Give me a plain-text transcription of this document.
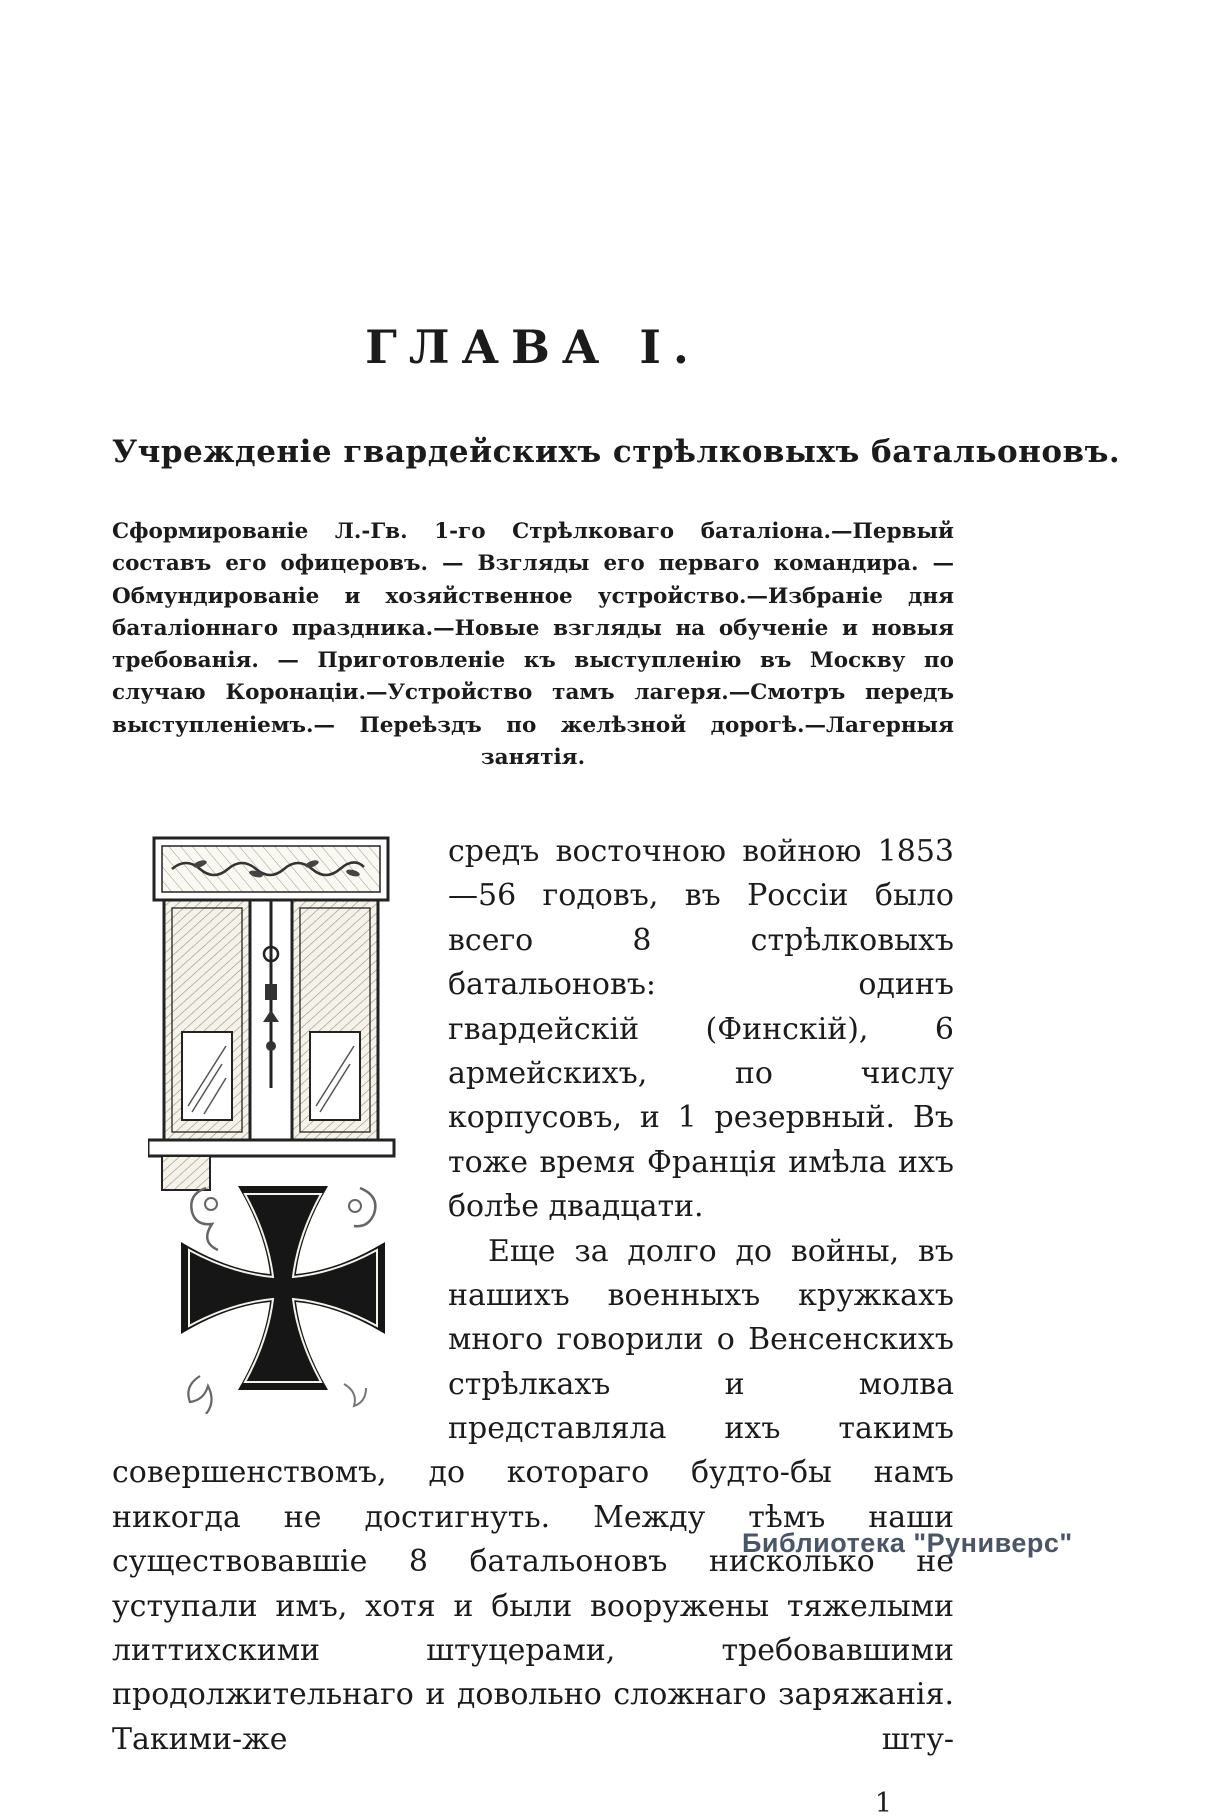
ГЛАВА I.
Учрежденіе гвардейскихъ стрѣлковыхъ батальоновъ.
Сформированіе Л.-Гв. 1-го Стрѣлковаго баталіона.—Первый составъ его офицеровъ. — Взгляды его перваго командира. — Обмундированіе и хозяйственное устройство.—Избраніе дня баталіоннаго праздника.—Новые взгляды на обученіе и новыя требованія. — Приготовленіе къ выступленію въ Москву по случаю Коронаціи.—Устройство тамъ лагеря.—Смотръ передъ выступленіемъ.— Переѣздъ по желѣзной дорогѣ.—Лагерныя занятія.

средъ восточною войною 1853—56 годовъ, въ Россіи было всего 8 стрѣлковыхъ батальоновъ: одинъ гвардейскій (Финскій), 6 армейскихъ, по числу корпусовъ, и 1 резервный. Въ тоже время Франція имѣла ихъ болѣе двадцати.

Еще за долго до войны, въ нашихъ военныхъ кружкахъ много говорили о Венсенскихъ стрѣлкахъ и молва представляла ихъ такимъ совершенствомъ, до котораго будто-бы намъ никогда не достигнуть. Между тѣмъ наши существовавшіе 8 батальоновъ нисколько не уступали имъ, хотя и были вооружены тяжелыми литтихскими штуцерами, требовавшими продолжительнаго и довольно сложнаго заряжанія. Такими-же шту-

1
Библиотека "Руниверс"
